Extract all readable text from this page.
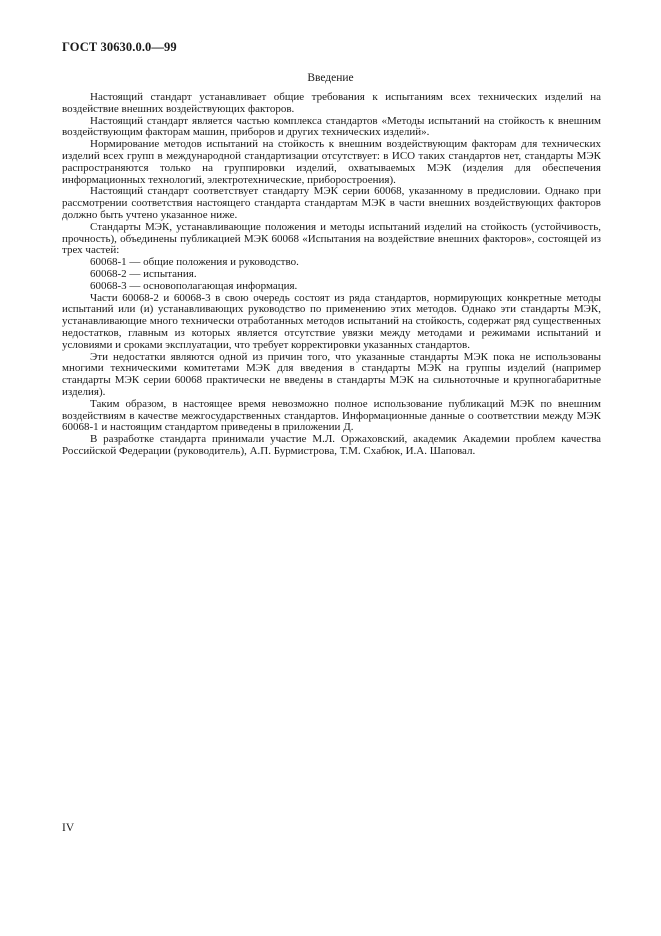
ГОСТ 30630.0.0—99
Введение

Настоящий стандарт устанавливает общие требования к испытаниям всех технических изделий на воздействие внешних воздействующих факторов.

Настоящий стандарт является частью комплекса стандартов «Методы испытаний на стойкость к внешним воздействующим факторам машин, приборов и других технических изделий».

Нормирование методов испытаний на стойкость к внешним воздействующим факторам для технических изделий всех групп в международной стандартизации отсутствует: в ИСО таких стандартов нет, стандарты МЭК распространяются только на группировки изделий, охватываемых МЭК (изделия для обеспечения информационных технологий, электротехнические, приборостроения).

Настоящий стандарт соответствует стандарту МЭК серии 60068, указанному в предисловии. Однако при рассмотрении соответствия настоящего стандарта стандартам МЭК в части внешних воздействующих факторов должно быть учтено указанное ниже.

Стандарты МЭК, устанавливающие положения и методы испытаний изделий на стойкость (устойчивость, прочность), объединены публикацией МЭК 60068 «Испытания на воздействие внешних факторов», состоящей из трех частей:

60068-1 — общие положения и руководство.

60068-2 — испытания.

60068-3 — основополагающая информация.

Части 60068-2 и 60068-3 в свою очередь состоят из ряда стандартов, нормирующих конкретные методы испытаний или (и) устанавливающих руководство по применению этих методов. Однако эти стандарты МЭК, устанавливающие много технически отработанных методов испытаний на стойкость, содержат ряд существенных недостатков, главным из которых является отсутствие увязки между методами и режимами испытаний и условиями и сроками эксплуатации, что требует корректировки указанных стандартов.

Эти недостатки являются одной из причин того, что указанные стандарты МЭК пока не использованы многими техническими комитетами МЭК для введения в стандарты МЭК на группы изделий (например стандарты МЭК серии 60068 практически не введены в стандарты МЭК на сильноточные и крупногабаритные изделия).

Таким образом, в настоящее время невозможно полное использование публикаций МЭК по внешним воздействиям в качестве межгосударственных стандартов. Информационные данные о соответствии между МЭК 60068-1 и настоящим стандартом приведены в приложении Д.

В разработке стандарта принимали участие М.Л. Оржаховский, академик Академии проблем качества Российской Федерации (руководитель), А.П. Бурмистрова, Т.М. Схабюк, И.А. Шаповал.

IV
